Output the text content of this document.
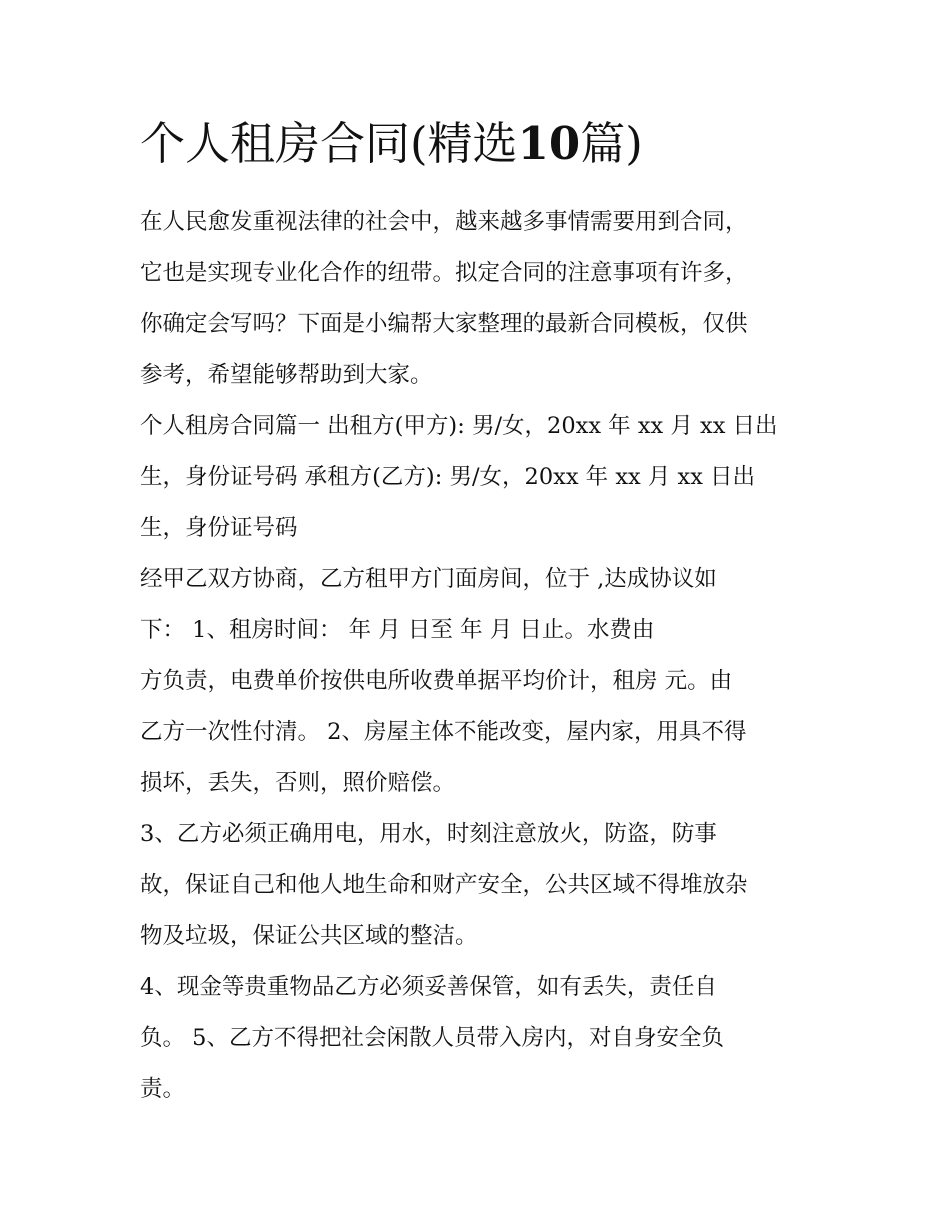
个人租房合同(精选10篇)
在人民愈发重视法律的社会中，越来越多事情需要用到合同，
它也是实现专业化合作的纽带。拟定合同的注意事项有许多，
你确定会写吗？下面是小编帮大家整理的最新合同模板，仅供
参考，希望能够帮助到大家。
个人租房合同篇一 出租方(甲方): 男/女，20xx 年 xx 月 xx 日出
生，身份证号码 承租方(乙方): 男/女，20xx 年 xx 月 xx 日出
生，身份证号码
经甲乙双方协商，乙方租甲方门面房间，位于 ,达成协议如
下： 1、租房时间： 年 月 日至 年 月 日止。水费由
方负责，电费单价按供电所收费单据平均价计，租房 元。由
乙方一次性付清。 2、房屋主体不能改变，屋内家，用具不得
损坏，丢失，否则，照价赔偿。
3、乙方必须正确用电，用水，时刻注意放火，防盗，防事
故，保证自己和他人地生命和财产安全，公共区域不得堆放杂
物及垃圾，保证公共区域的整洁。
4、现金等贵重物品乙方必须妥善保管，如有丢失，责任自
负。 5、乙方不得把社会闲散人员带入房内，对自身安全负
责。
